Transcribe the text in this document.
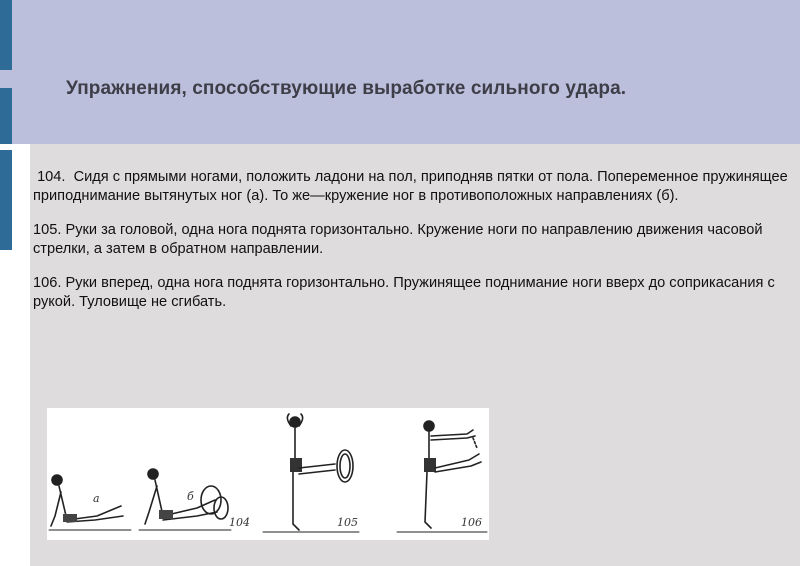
Упражнения, способствующие выработке сильного удара.

104.  Сидя с прямыми ногами, положить ладони на пол, приподняв пятки от пола. Попеременное пружинящее приподнимание вытянутых ног (а). То же—кружение ног в противоположных направлениях (б).

105. Руки за головой, одна нога поднята горизонтально. Кружение ноги по направлению движения часовой стрелки, а затем в обратном направлении.

106. Руки вперед, одна нога поднята горизонтально. Пружинящее поднимание ноги вверх до соприкасания с рукой. Туловище не сгибать.

а	б
104	105	106
